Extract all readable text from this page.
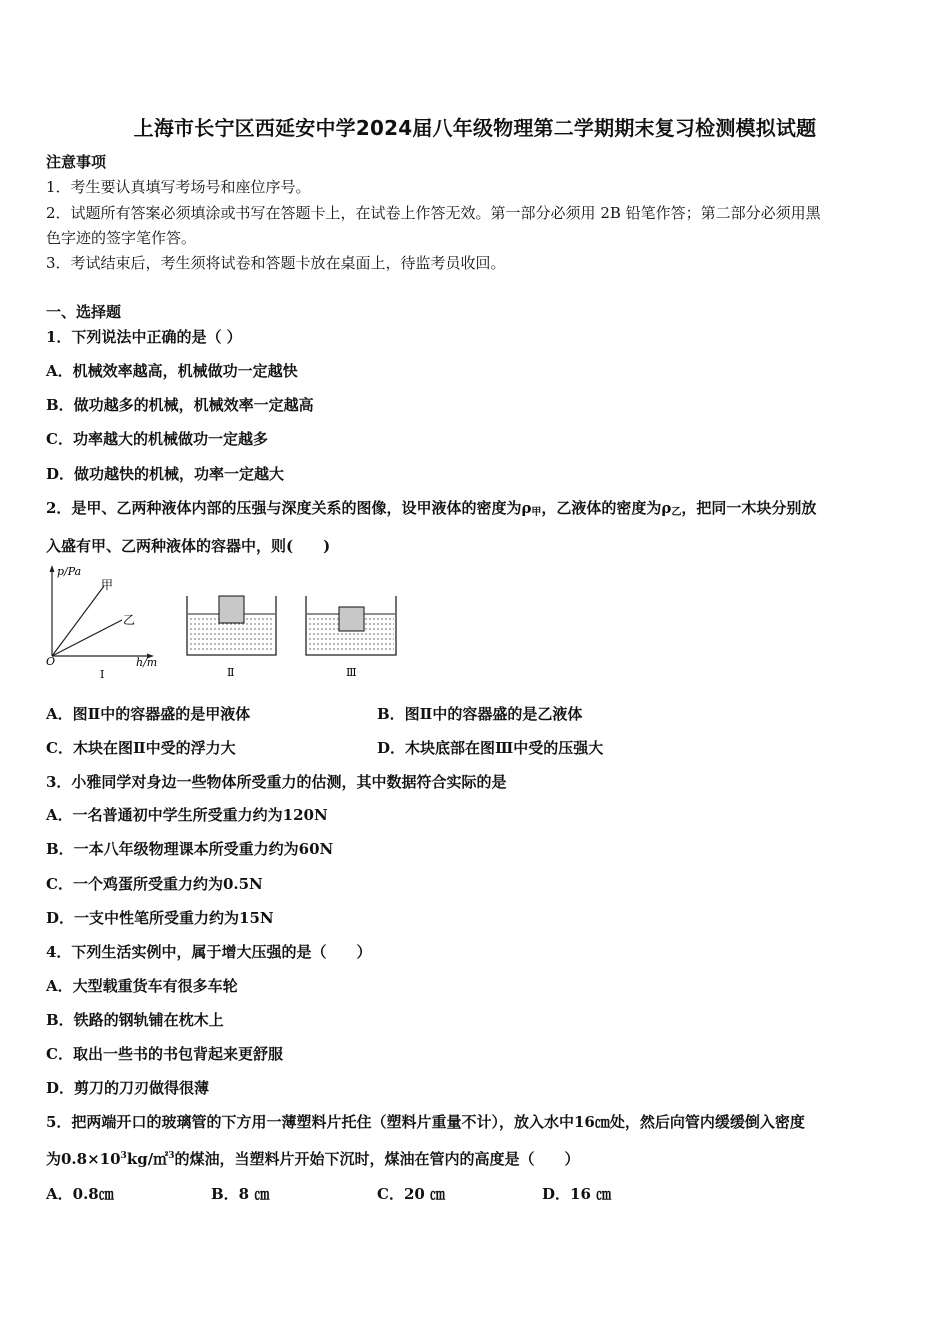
上海市长宁区西延安中学2024届八年级物理第二学期期末复习检测模拟试题
注意事项
1．考生要认真填写考场号和座位序号。
2．试题所有答案必须填涂或书写在答题卡上，在试卷上作答无效。第一部分必须用 2B 铅笔作答；第二部分必须用黑
色字迹的签字笔作答。
3．考试结束后，考生须将试卷和答题卡放在桌面上，待监考员收回。
一、选择题
1．下列说法中正确的是（ ）
A．机械效率越高，机械做功一定越快
B．做功越多的机械，机械效率一定越高
C．功率越大的机械做功一定越多
D．做功越快的机械，功率一定越大
2．是甲、乙两种液体内部的压强与深度关系的图像，设甲液体的密度为$\rho_甲$，乙液体的密度为$\rho_乙$，把同一木块分别放
入盛有甲、乙两种液体的容器中，则(　　)
p/Pa
O	h/m
甲
乙
Ⅰ	Ⅱ	Ⅲ
A．图Ⅱ中的容器盛的是甲液体	B．图Ⅱ中的容器盛的是乙液体
C．木块在图Ⅱ中受的浮力大	D．木块底部在图Ⅲ中受的压强大
3．小雅同学对身边一些物体所受重力的估测，其中数据符合实际的是
A．一名普通初中学生所受重力约为120N
B．一本八年级物理课本所受重力约为60N
C．一个鸡蛋所受重力约为0.5N
D．一支中性笔所受重力约为15N
4．下列生活实例中，属于增大压强的是（　　）
A．大型载重货车有很多车轮
B．铁路的钢轨铺在枕木上
C．取出一些书的书包背起来更舒服
D．剪刀的刀刃做得很薄
5．把两端开口的玻璃管的下方用一薄塑料片托住（塑料片重量不计），放入水中16㎝处，然后向管内缓缓倒入密度
为$0.8\times 10^3kg/㎡^3$的煤油，当塑料片开始下沉时，煤油在管内的高度是（　　）
A．0.8㎝	B．8 ㎝	C．20 ㎝	D．16 ㎝
